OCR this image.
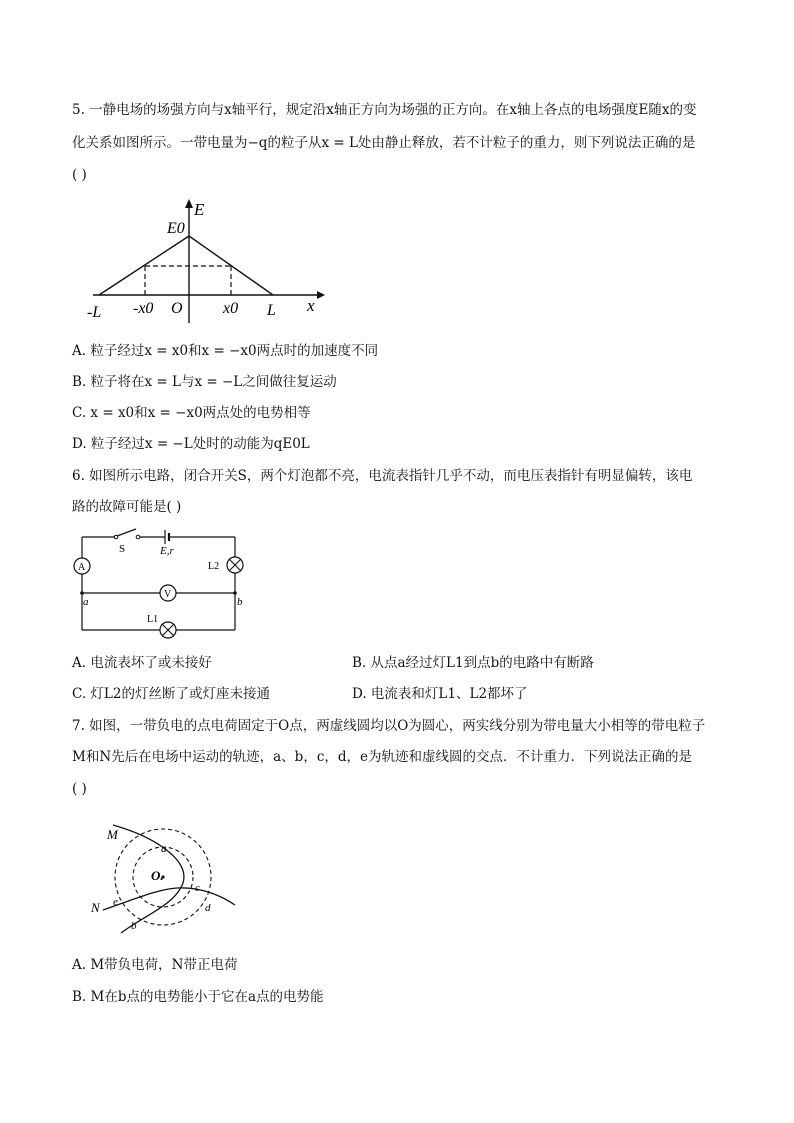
5. 一静电场的场强方向与x轴平行，规定沿x轴正方向为场强的正方向。在x轴上各点的电场强度E随x的变
化关系如图所示。一带电量为−q的粒子从x = L处由静止释放，若不计粒子的重力，则下列说法正确的是
( )
E
E0
-L -x0 O	x0 L x
A. 粒子经过x = x0和x = −x0两点时的加速度不同
B. 粒子将在x = L与x = −L之间做往复运动
C. x = x0和x = −x0两点处的电势相等
D. 粒子经过x = −L处时的动能为qE0L
6. 如图所示电路，闭合开关S，两个灯泡都不亮，电流表指针几乎不动，而电压表指针有明显偏转，该电
路的故障可能是( )
S	E,r
A	L2
V
a	b
L1
A. 电流表坏了或未接好	B. 从点a经过灯L1到点b的电路中有断路
C. 灯L2的灯丝断了或灯座未接通	D. 电流表和灯L1、L2都坏了
7. 如图，一带负电的点电荷固定于O点，两虚线圆均以O为圆心，两实线分别为带电量大小相等的带电粒子
M和N先后在电场中运动的轨迹，a、b，c，d，e为轨迹和虚线圆的交点．不计重力．下列说法正确的是
( )
O.
M
N
a
b
c
d
e
A. M带负电荷，N带正电荷
B. M在b点的电势能小于它在a点的电势能
